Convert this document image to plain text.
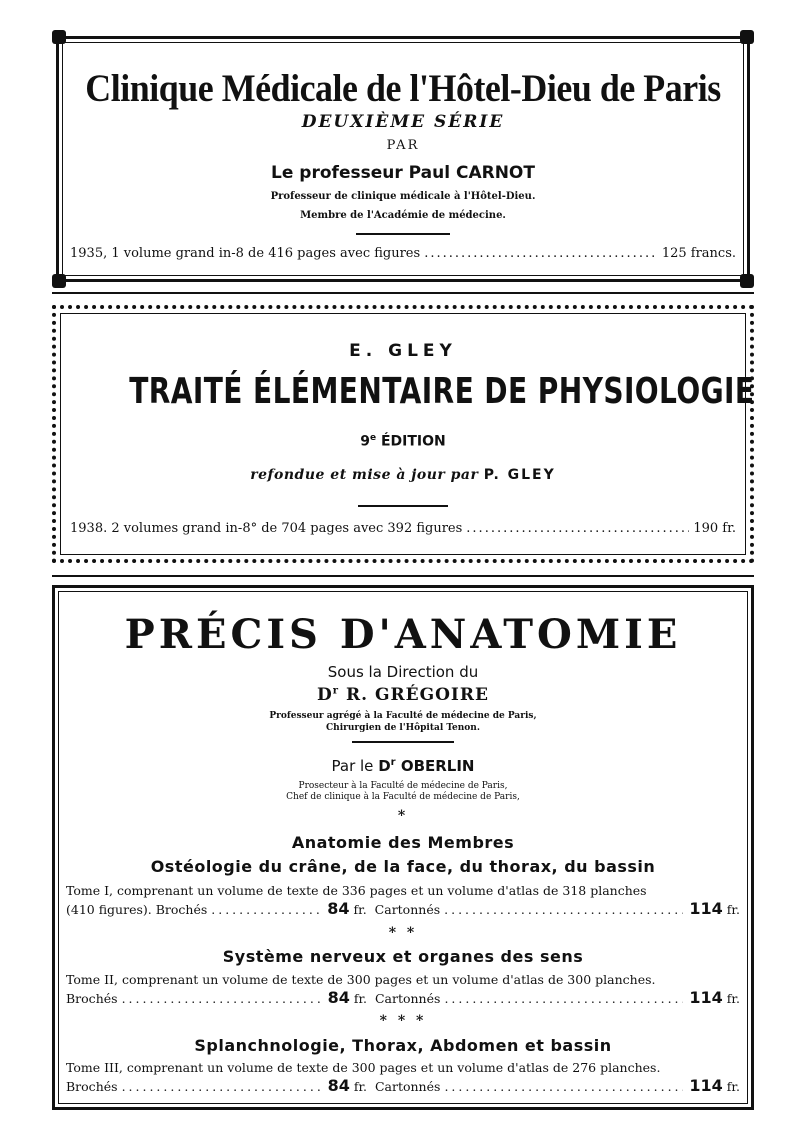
Clinique Médicale de l'Hôtel-Dieu de Paris
DEUXIÈME SÉRIE
PAR
Le professeur Paul CARNOT
Professeur de clinique médicale à l'Hôtel-Dieu.
Membre de l'Académie de médecine.
1935, 1 volume grand in-8 de 416 pages avec figures .....	125 francs.
E. GLEY
TRAITÉ ÉLÉMENTAIRE DE PHYSIOLOGIE
9e ÉDITION
refondue et mise à jour par P. GLEY
1938. 2 volumes grand in-8° de 704 pages avec 392 figures .....	190 fr.
PRÉCIS D'ANATOMIE
Sous la Direction du
$D^r$ R. GRÉGOIRE
Professeur agrégé à la Faculté de médecine de Paris,
Chirurgien de l'Hôpital Tenon.
Par le $D^r$ OBERLIN
Prosecteur à la Faculté de médecine de Paris,
Chef de clinique à la Faculté de médecine de Paris,
*
Anatomie des Membres
Ostéologie du crâne, de la face, du thorax, du bassin
Tome I, comprenant un volume de texte de 336 pages et un volume d'atlas de 318 planches
(410 figures). Brochés .....	84
fr.
Cartonnés .....	114
fr.
* *
Système nerveux et organes des sens
Tome II, comprenant un volume de texte de 300 pages et un volume d'atlas de 300 planches.
Brochés .....	84
fr.
Cartonnés .....	114
fr.
* * *
Splanchnologie, Thorax, Abdomen et bassin
Tome III, comprenant un volume de texte de 300 pages et un volume d'atlas de 276 planches.
Brochés .....	84
fr.
Cartonnés .....	114
fr.
